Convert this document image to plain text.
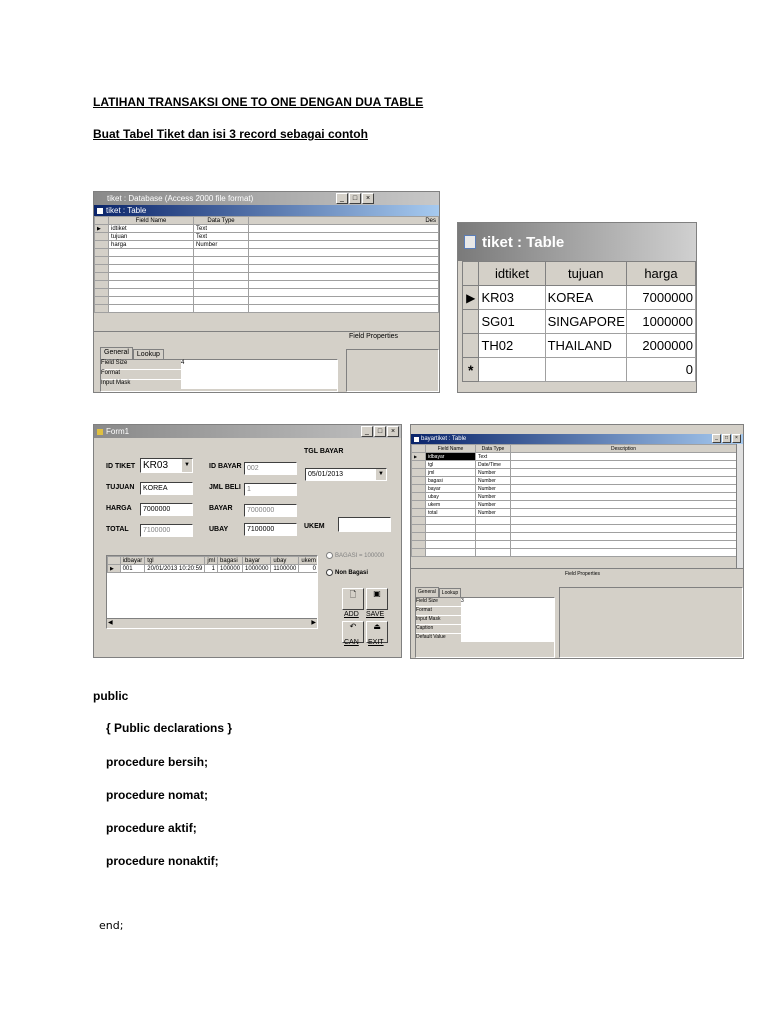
LATIHAN TRANSAKSI ONE TO ONE DENGAN DUA TABLE
Buat Tabel Tiket dan isi 3 record sebagai contoh
tiket : Database (Access 2000 file format)	_	□	×
tiket : Table
	Field Name	Data Type	Des
▶	idtiket	Text	
	tujuan	Text	
	harga	Number	

Field Properties
General	Lookup
Field Size	4
Format
Input Mask
tiket : Table
	idtiket	tujuan	harga
▶	KR03	KOREA	7000000
	SG01	SINGAPORE	1000000
	TH02	THAILAND	2000000
*			0
Form1	_	□	×
ID TIKET KR03	▼
TUJUAN	KOREA
HARGA	7000000
TOTAL	7100000
ID BAYAR 002
JML BELI 1
BAYAR	7000000
UBAY	7100000
TGL BAYAR
05/01/2013	▼
UKEM
	idbayar	tgl	jml	bagasi	bayar	ubay	ukem
▶	001	20/01/2013 10:20:59	1	100000	1000000	1100000	0
◀	▶
BAGASI = 100000
Non Bagasi
🗋
ADD
▣
SAVE
↶
CAN
⏏
EXIT
bayartiket : Table	_	□	×
	Field Name	Data Type	Description
▶	idbayar	Text	
	tgl	Date/Time	
	jml	Number	
	bagasi	Number	
	bayar	Number	
	ubay	Number	
	ukem	Number	
	total	Number	

Field Properties
General	Lookup
Field Size	3
Format
Input Mask
Caption
Default Value
public
{ Public declarations }
procedure bersih;
procedure nomat;
procedure aktif;
procedure nonaktif;
end;
